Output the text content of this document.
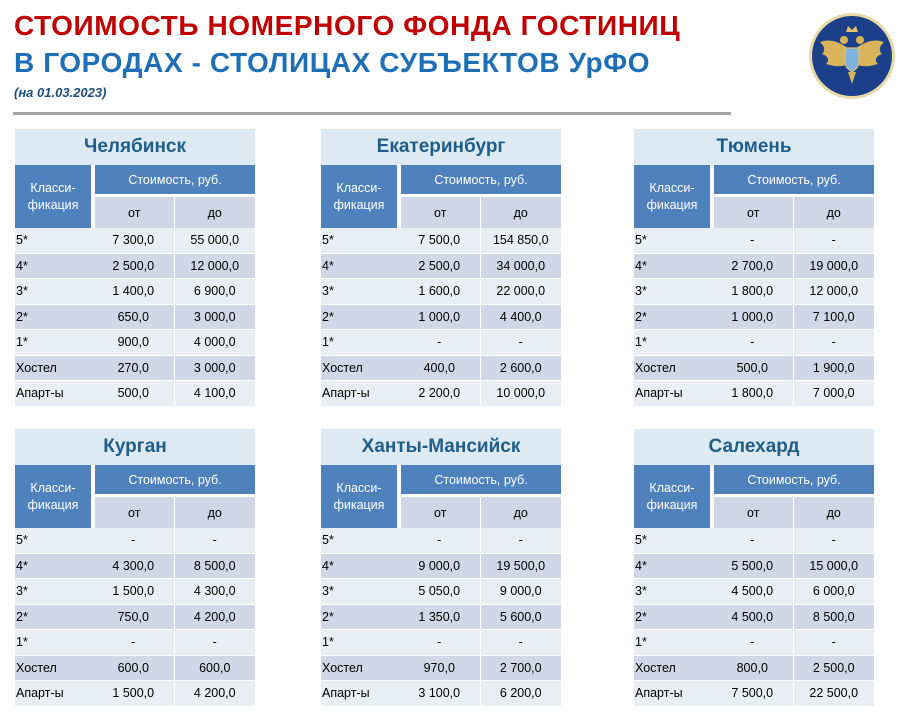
СТОИМОСТЬ НОМЕРНОГО ФОНДА ГОСТИНИЦ
В ГОРОДАХ - СТОЛИЦАХ СУБЪЕКТОВ УрФО
(на 01.03.2023)
Челябинск		
Класси-
фикация	Стоимость, руб.	
	от	до
5*	7 300,0	55 000,0
4*	2 500,0	12 000,0
3*	1 400,0	6 900,0
2*	650,0	3 000,0
1*	900,0	4 000,0
Хостел	270,0	3 000,0
Апарт-ы	500,0	4 100,0
Екатеринбург		
Класси-
фикация	Стоимость, руб.	
	от	до
5*	7 500,0	154 850,0
4*	2 500,0	34 000,0
3*	1 600,0	22 000,0
2*	1 000,0	4 400,0
1*	-	-
Хостел	400,0	2 600,0
Апарт-ы	2 200,0	10 000,0
Тюмень		
Класси-
фикация	Стоимость, руб.	
	от	до
5*	-	-
4*	2 700,0	19 000,0
3*	1 800,0	12 000,0
2*	1 000,0	7 100,0
1*	-	-
Хостел	500,0	1 900,0
Апарт-ы	1 800,0	7 000,0
Курган		
Класси-
фикация	Стоимость, руб.	
	от	до
5*	-	-
4*	4 300,0	8 500,0
3*	1 500,0	4 300,0
2*	750,0	4 200,0
1*	-	-
Хостел	600,0	600,0
Апарт-ы	1 500,0	4 200,0
Ханты-Мансийск		
Класси-
фикация	Стоимость, руб.	
	от	до
5*	-	-
4*	9 000,0	19 500,0
3*	5 050,0	9 000,0
2*	1 350,0	5 600,0
1*	-	-
Хостел	970,0	2 700,0
Апарт-ы	3 100,0	6 200,0
Салехард		
Класси-
фикация	Стоимость, руб.	
	от	до
5*	-	-
4*	5 500,0	15 000,0
3*	4 500,0	6 000,0
2*	4 500,0	8 500,0
1*	-	-
Хостел	800,0	2 500,0
Апарт-ы	7 500,0	22 500,0
